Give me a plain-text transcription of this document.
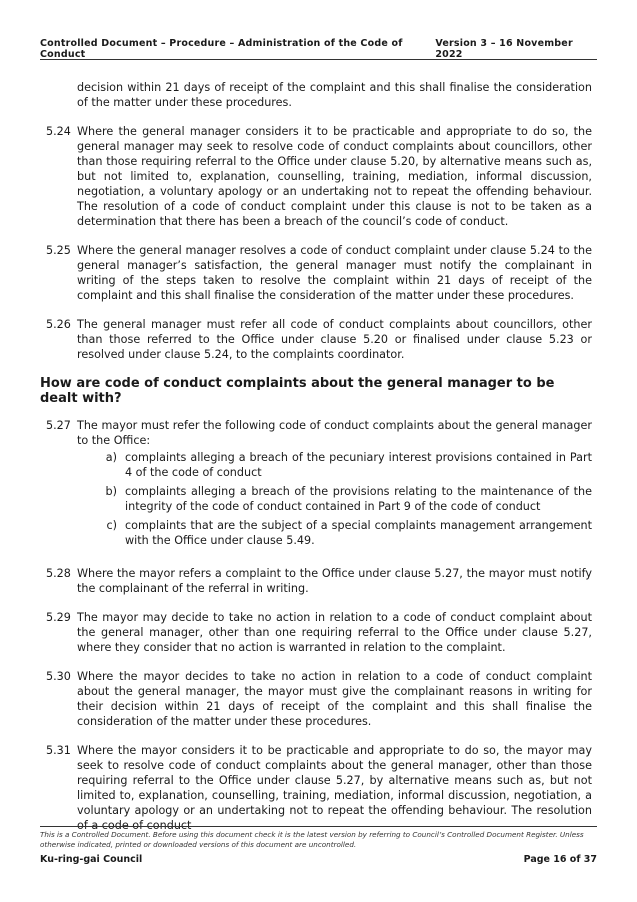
Controlled Document – Procedure – Administration of the Code of Conduct
Version 3 – 16 November 2022

decision within 21 days of receipt of the complaint and this shall finalise the consideration of the matter under these procedures.

5.24 Where the general manager considers it to be practicable and appropriate to do so, the general manager may seek to resolve code of conduct complaints about councillors, other than those requiring referral to the Office under clause 5.20, by alternative means such as, but not limited to, explanation, counselling, training, mediation, informal discussion, negotiation, a voluntary apology or an undertaking not to repeat the offending behaviour. The resolution of a code of conduct complaint under this clause is not to be taken as a determination that there has been a breach of the council’s code of conduct.
5.25 Where the general manager resolves a code of conduct complaint under clause 5.24 to the general manager’s satisfaction, the general manager must notify the complainant in writing of the steps taken to resolve the complaint within 21 days of receipt of the complaint and this shall finalise the consideration of the matter under these procedures.
5.26 The general manager must refer all code of conduct complaints about councillors, other than those referred to the Office under clause 5.20 or finalised under clause 5.23 or resolved under clause 5.24, to the complaints coordinator.
How are code of conduct complaints about the general manager to be dealt with?
5.27 The mayor must refer the following code of conduct complaints about the general manager to the Office:
a) complaints alleging a breach of the pecuniary interest provisions contained in Part 4 of the code of conduct
b) complaints alleging a breach of the provisions relating to the maintenance of the integrity of the code of conduct contained in Part 9 of the code of conduct
c) complaints that are the subject of a special complaints management arrangement with the Office under clause 5.49.
5.28 Where the mayor refers a complaint to the Office under clause 5.27, the mayor must notify the complainant of the referral in writing.
5.29 The mayor may decide to take no action in relation to a code of conduct complaint about the general manager, other than one requiring referral to the Office under clause 5.27, where they consider that no action is warranted in relation to the complaint.
5.30 Where the mayor decides to take no action in relation to a code of conduct complaint about the general manager, the mayor must give the complainant reasons in writing for their decision within 21 days of receipt of the complaint and this shall finalise the consideration of the matter under these procedures.
5.31 Where the mayor considers it to be practicable and appropriate to do so, the mayor may seek to resolve code of conduct complaints about the general manager, other than those requiring referral to the Office under clause 5.27, by alternative means such as, but not limited to, explanation, counselling, training, mediation, informal discussion, negotiation, a voluntary apology or an undertaking not to repeat the offending behaviour. The resolution of a code of conduct
This is a Controlled Document. Before using this document check it is the latest version by referring to Council’s Controlled Document Register. Unless otherwise indicated, printed or downloaded versions of this document are uncontrolled.
Ku-ring-gai Council	Page 16 of 37
